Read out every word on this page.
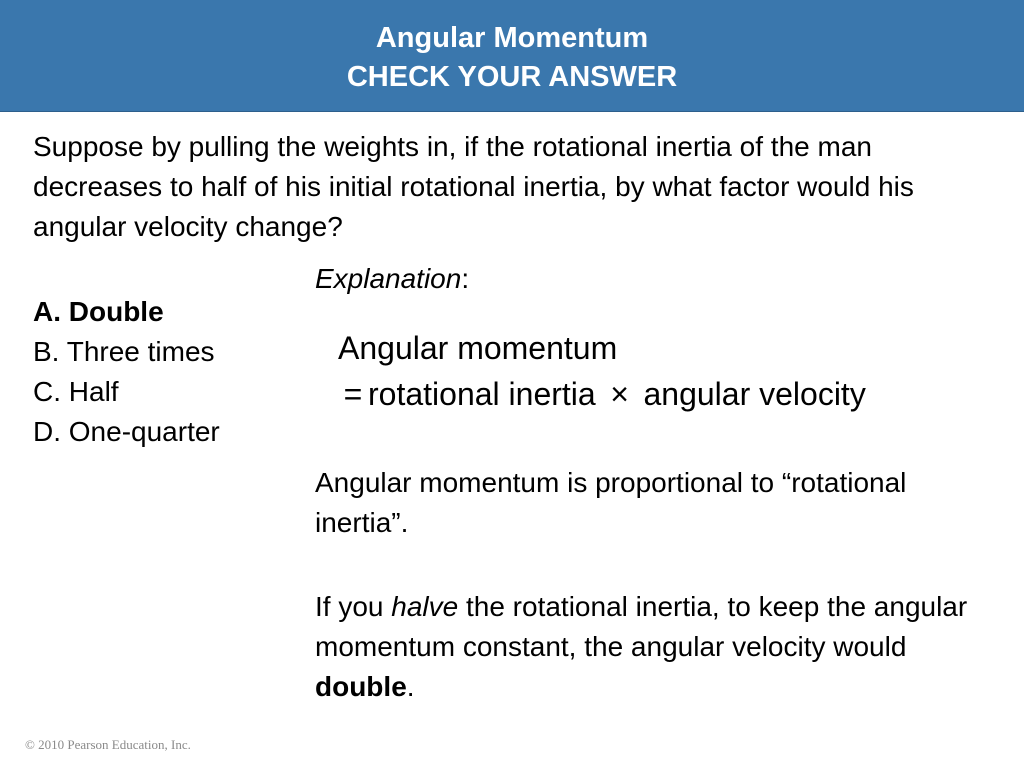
Angular Momentum
CHECK YOUR ANSWER
Suppose by pulling the weights in, if the rotational inertia of the man decreases to half of his initial rotational inertia, by what factor would his angular velocity change?
A. Double
B. Three times
C. Half
D. One-quarter
Explanation:
Angular momentum
= rotational inertia × angular velocity
Angular momentum is proportional to “rotational inertia”.
If you halve the rotational inertia, to keep the angular momentum constant, the angular velocity would double.
© 2010 Pearson Education, Inc.
